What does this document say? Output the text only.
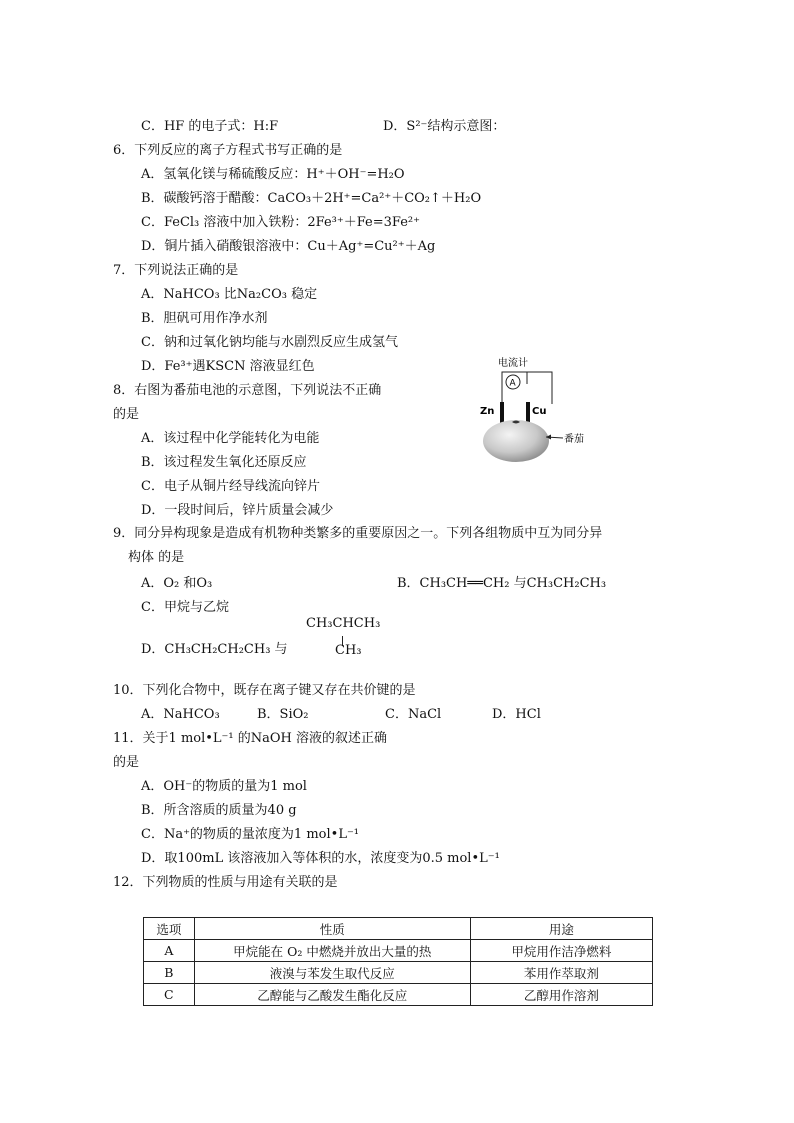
C．HF 的电子式：H:F	D．S²⁻结构示意图：
6．下列反应的离子方程式书写正确的是
A．氢氧化镁与稀硫酸反应：H⁺＋OH⁻=H₂O
B．碳酸钙溶于醋酸：CaCO₃＋2H⁺=Ca²⁺＋CO₂↑＋H₂O
C．FeCl₃ 溶液中加入铁粉：2Fe³⁺＋Fe=3Fe²⁺
D．铜片插入硝酸银溶液中：Cu＋Ag⁺=Cu²⁺＋Ag
7．下列说法正确的是
A．NaHCO₃ 比Na₂CO₃ 稳定
B．胆矾可用作净水剂
C．钠和过氧化钠均能与水剧烈反应生成氢气
D．Fe³⁺遇KSCN 溶液显红色
8．右图为番茄电池的示意图，下列说法不正确
的是
A．该过程中化学能转化为电能
B．该过程发生氧化还原反应
C．电子从铜片经导线流向锌片
D．一段时间后，锌片质量会减少
电流计
A
Zn	Cu
番茄
9．同分异构现象是造成有机物种类繁多的重要原因之一。下列各组物质中互为同分异
构体 的是
A．O₂ 和O₃	B．CH₃CH══CH₂ 与CH₃CH₂CH₃
C．甲烷与乙烷
D．CH₃CH₂CH₂CH₃ 与
CH₃CHCH₃
CH₃
10．下列化合物中，既存在离子键又存在共价键的是
A．NaHCO₃	B．SiO₂	C．NaCl	D．HCl
11．关于1 mol•L⁻¹ 的NaOH 溶液的叙述正确
的是
A．OH⁻的物质的量为1 mol
B．所含溶质的质量为40 g
C．Na⁺的物质的量浓度为1 mol•L⁻¹
D．取100mL 该溶液加入等体积的水，浓度变为0.5 mol•L⁻¹
12．下列物质的性质与用途有关联的是
选项	性质	用途
A	甲烷能在 O₂ 中燃烧并放出大量的热	甲烷用作洁净燃料
B	液溴与苯发生取代反应	苯用作萃取剂
C	乙醇能与乙酸发生酯化反应	乙醇用作溶剂
